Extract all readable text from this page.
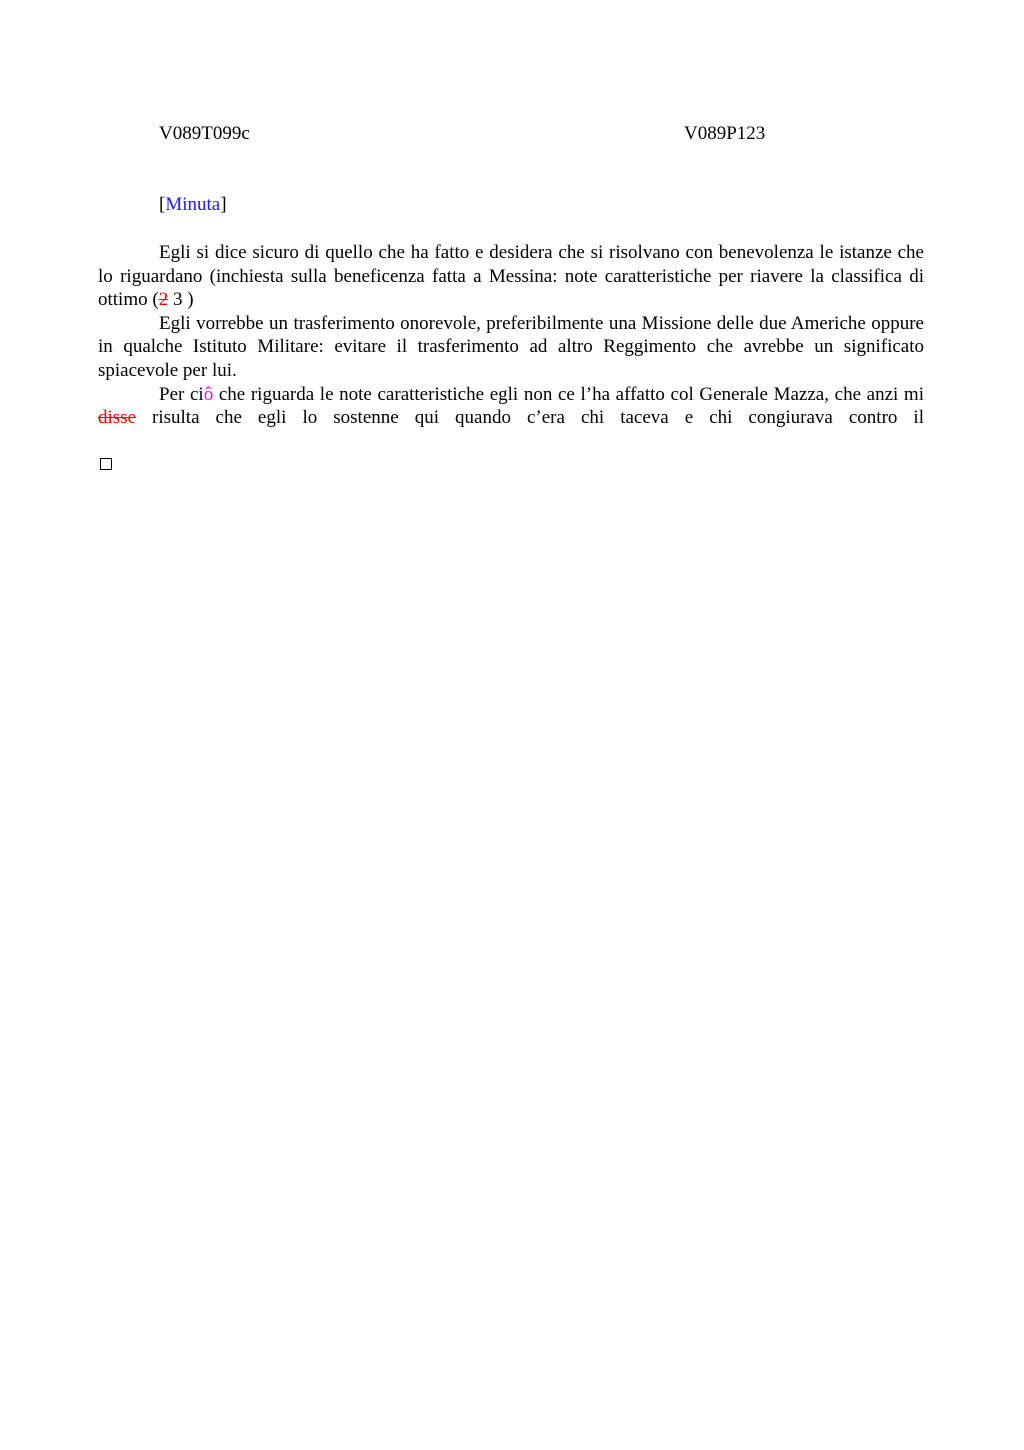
V089T099c	V089P123
[Minuta]

Egli si dice sicuro di quello che ha fatto e desidera che si risolvano con benevolenza le istanze che lo riguardano (inchiesta sulla beneficenza fatta a Messina: note caratteristiche per riavere la classifica di ottimo (2 3 )

Egli vorrebbe un trasferimento onorevole, preferibilmente una Missione delle due Americhe oppure in qualche Istituto Militare: evitare il trasferimento ad altro Reggimento che avrebbe un significato spiacevole per lui.

Per ciô che riguarda le note caratteristiche egli non ce l’ha affatto col Generale Mazza, che anzi mi disse risulta che egli lo sostenne qui quando c’era chi taceva e chi congiurava contro il
